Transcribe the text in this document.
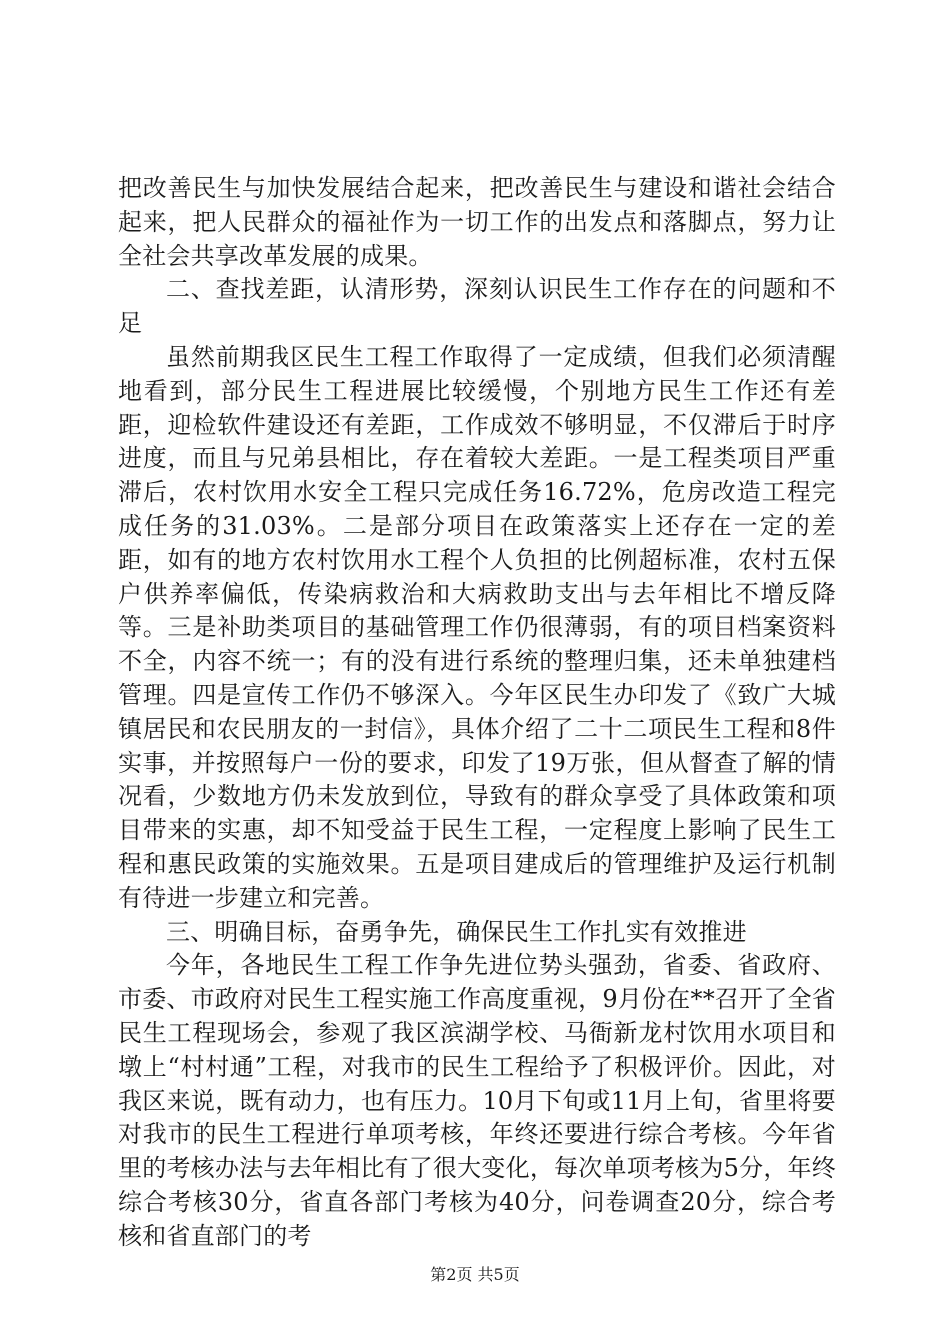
把改善民生与加快发展结合起来，把改善民生与建设和谐社会结合起来，把人民群众的福祉作为一切工作的出发点和落脚点，努力让全社会共享改革发展的成果。

二、查找差距，认清形势，深刻认识民生工作存在的问题和不足

虽然前期我区民生工程工作取得了一定成绩，但我们必须清醒地看到，部分民生工程进展比较缓慢，个别地方民生工作还有差距，迎检软件建设还有差距，工作成效不够明显，不仅滞后于时序进度，而且与兄弟县相比，存在着较大差距。一是工程类项目严重滞后，农村饮用水安全工程只完成任务16.72%，危房改造工程完成任务的31.03%。二是部分项目在政策落实上还存在一定的差距，如有的地方农村饮用水工程个人负担的比例超标准，农村五保户供养率偏低，传染病救治和大病救助支出与去年相比不增反降等。三是补助类项目的基础管理工作仍很薄弱，有的项目档案资料不全，内容不统一；有的没有进行系统的整理归集，还未单独建档管理。四是宣传工作仍不够深入。今年区民生办印发了《致广大城镇居民和农民朋友的一封信》，具体介绍了二十二项民生工程和8件实事，并按照每户一份的要求，印发了19万张，但从督查了解的情况看，少数地方仍未发放到位，导致有的群众享受了具体政策和项目带来的实惠，却不知受益于民生工程，一定程度上影响了民生工程和惠民政策的实施效果。五是项目建成后的管理维护及运行机制有待进一步建立和完善。

三、明确目标，奋勇争先，确保民生工作扎实有效推进

今年，各地民生工程工作争先进位势头强劲，省委、省政府、市委、市政府对民生工程实施工作高度重视，9月份在**召开了全省民生工程现场会，参观了我区滨湖学校、马衙新龙村饮用水项目和墩上“村村通”工程，对我市的民生工程给予了积极评价。因此，对我区来说，既有动力，也有压力。10月下旬或11月上旬，省里将要对我市的民生工程进行单项考核，年终还要进行综合考核。今年省里的考核办法与去年相比有了很大变化，每次单项考核为5分，年终综合考核30分，省直各部门考核为40分，问卷调查20分，综合考核和省直部门的考

第2页 共5页
